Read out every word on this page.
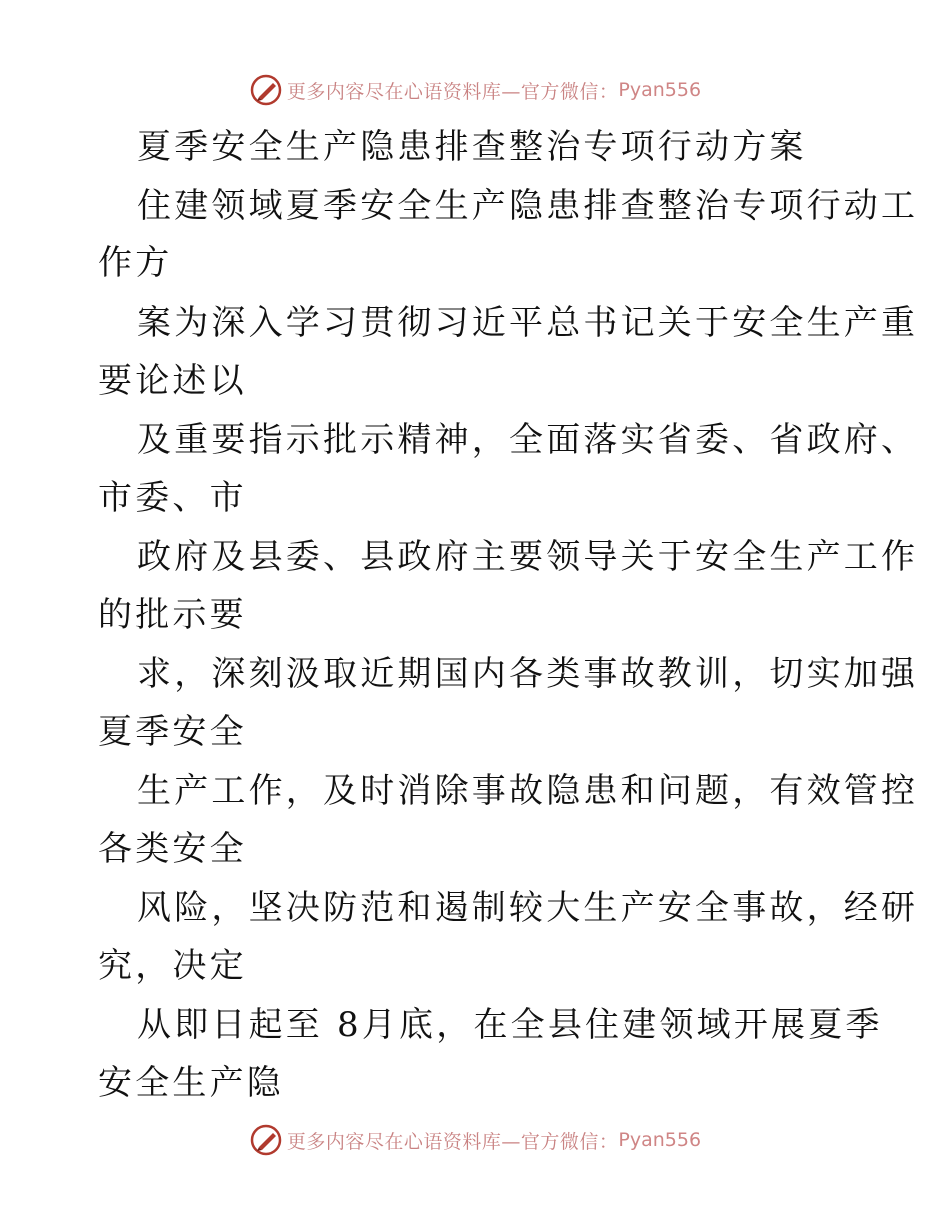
更多内容尽在心语资料库—官方微信： Pyan556
夏季安全生产隐患排查整治专项行动方案
住建领域夏季安全生产隐患排查整治专项行动工
作方
案为深入学习贯彻习近平总书记关于安全生产重
要论述以
及重要指示批示精神，全面落实省委、省政府、
市委、市
政府及县委、县政府主要领导关于安全生产工作
的批示要
求，深刻汲取近期国内各类事故教训，切实加强
夏季安全
生产工作，及时消除事故隐患和问题，有效管控
各类安全
风险，坚决防范和遏制较大生产安全事故，经研
究，决定
从即日起至 8月底，在全县住建领域开展夏季
安全生产隐
更多内容尽在心语资料库—官方微信： Pyan556
